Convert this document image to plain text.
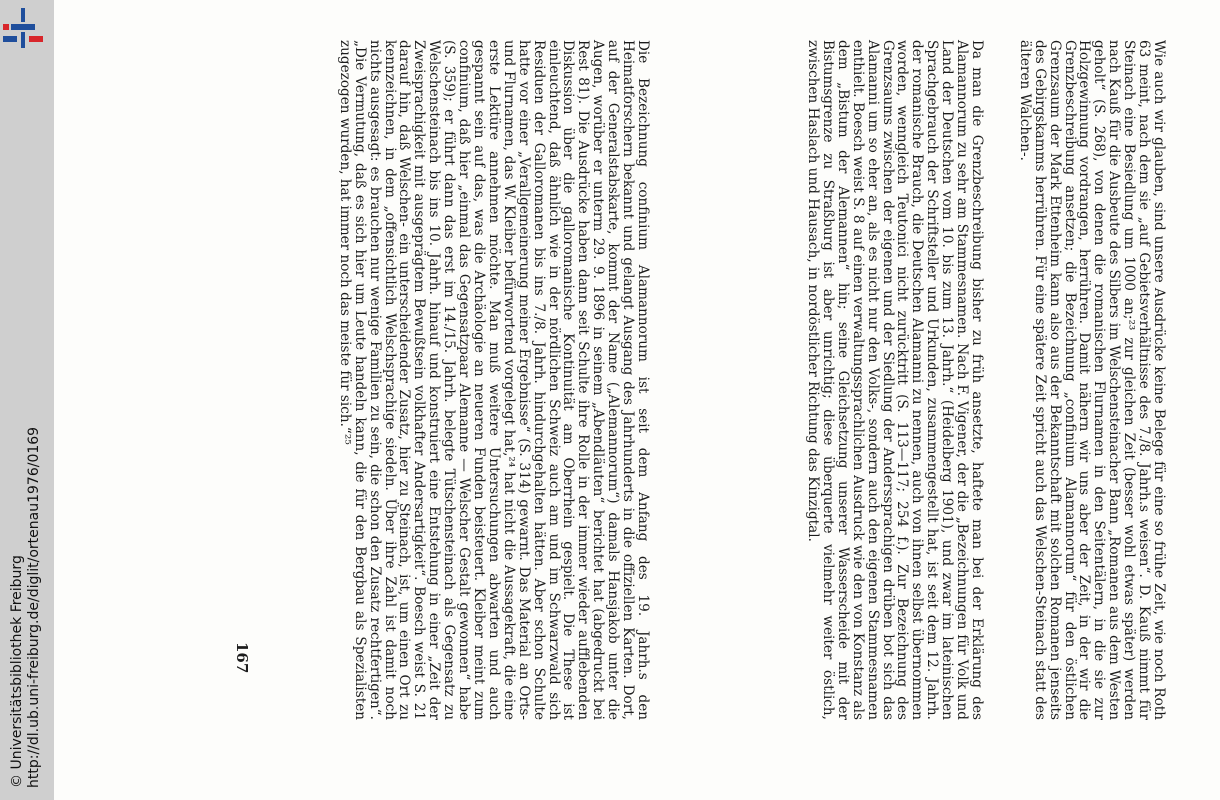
http://dl.ub.uni-freiburg.de/diglit/ortenau1976/0169
© Universitätsbibliothek Freiburg	Wie auch wir glauben, sind unsere Ausdrücke keine Belege für eine so frühe Zeit, wie noch Roth 63 meint, nach dem sie „auf Gebietsverhältnisse des 7./8. Jahrh.s weisen“. D. Kauß nimmt für Steinach eine Besiedlung um 1000 an;²³ zur gleichen Zeit (besser wohl etwas später) werden nach Kauß für die Ausbeute des Silbers im Welschensteinacher Bann „Romanen aus dem Westen geholt“ (S. 268), von denen die romanischen Flurnamen in den Seitentälern, in die sie zur Holzgewinnung vordrangen, herrühren. Damit nähern wir uns aber der Zeit, in der wir die Grenzbeschreibung ansetzen; die Bezeichnung „confinium Alamannorum“ für den östlichen Grenzsaum der Mark Ettenheim kann also aus der Bekanntschaft mit solchen Romanen jenseits des Gebirgskamms herrühren. Für eine spätere Zeit spricht auch das Welschen-Steinach statt des älteren Walchen-.
Da man die Grenzbeschreibung bisher zu früh ansetzte, haftete man bei der Erklärung des Alamannorum zu sehr am Stammesnamen. Nach F. Vigener, der die „Bezeichnungen für Volk und Land der Deutschen vom 10. bis zum 13. Jahrh.“ (Heidelberg 1901), und zwar im lateinischen Sprachgebrauch der Schriftsteller und Urkunden, zusammengestellt hat, ist seit dem 12. Jahrh. der romanische Brauch, die Deutschen Alamanni zu nennen, auch von ihnen selbst übernommen worden, wenngleich Teutonici nicht zurücktritt (S. 113—117; 254 f.). Zur Bezeichnung des Grenzsaums zwischen der eigenen und der Siedlung der Anderssprachigen drüben bot sich das Alamanni um so eher an, als es nicht nur den Volks-, sondern auch den eigenen Stammesnamen enthielt. Boesch weist S. 8 auf einen verwaltungssprachlichen Ausdruck wie den von Konstanz als dem „Bistum der Alemannen“ hin; seine Gleichsetzung unserer Wasserscheide mit der Bistumsgrenze zu Straßburg ist aber unrichtig; diese überquerte vielmehr weiter östlich, zwischen Haslach und Hausach, in nordöstlicher Richtung das Kinzigtal.
Die Bezeichnung confinium Alamannorum ist seit dem Anfang des 19. Jahrh.s den Heimatforschern bekannt und gelangt Ausgang des Jahrhunderts in die offiziellen Karten. Dort, auf der Generalstabskarte, kommt der Name („Alemannorum“) damals Hansjakob unter die Augen, worüber er unterm 29. 9. 1896 in seinem „Abendläuten“ berichtet hat (abgedruckt bei Rest 81). Die Ausdrücke haben dann seit Schulte ihre Rolle in der immer wieder aufflebenden Diskussion über die galloromanische Kontinuität am Oberrhein gespielt. Die These ist einleuchtend, daß ähnlich wie in der nördlichen Schweiz auch am und im Schwarzwald sich Residuen der Galloromanen bis ins 7./8. Jahrh. hindurchgehalten hätten. Aber schon Schulte hatte vor einer „Verallgemeinerung meiner Ergebnisse“ (S. 314) gewarnt. Das Material an Orts- und Flurnamen, das W. Kleiber befürwortend vorgelegt hat,²⁴ hat nicht die Aussagekraft, die eine erste Lektüre annehmen möchte. Man muß weitere Untersuchungen abwarten und auch gespannt sein auf das, was die Archäologie an neueren Funden beisteuert. Kleiber meint zum confinium, daß hier „einmal das Gegensatzpaar Alemanne — Welscher Gestalt gewonnen“ habe (S. 359); er führt dann das erst im 14./15. Jahrh. belegte Tütschensteinach als Gegensatz zu Welschensteinach bis ins 10. Jahrh. hinauf und konstruiert eine Entstehung in einer „Zeit der Zweisprachigkeit mit ausgeprägtem Bewußtsein volkhafter Andersartigkeit“. Boesch weist S. 21 darauf hin, daß Welschen- ein unterscheidender Zusatz, hier zu Steinach, ist, um einen Ort zu kennzeichnen, in dem „offensichtlich Welschsprachige siedeln. Über ihre Zahl ist damit noch nichts ausgesagt: es brauchen nur wenige Familien zu sein, die schon den Zusatz rechtfertigen“. „Die Vermutung, daß es sich hier um Leute handeln kann, die für den Bergbau als Spezialisten zugezogen wurden, hat immer noch das meiste für sich.“²⁵
167
